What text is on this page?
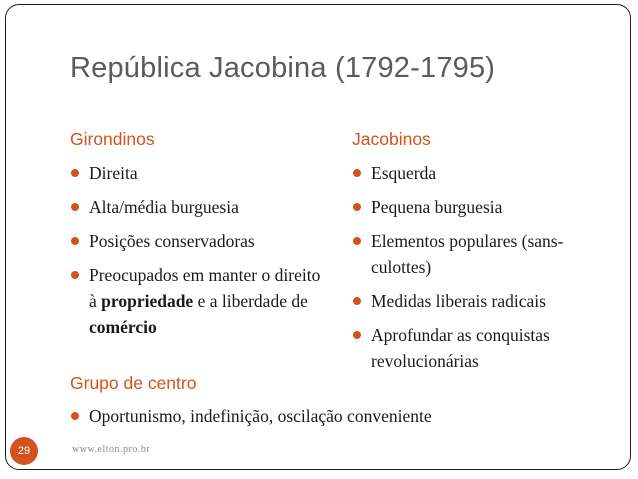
República Jacobina (1792-1795)
Girondinos	Jacobinos
Direita
Alta/média burguesia
Posições conservadoras
Preocupados em manter o direito à propriedade e a liberdade de comércio
Esquerda
Pequena burguesia
Elementos populares (sans-culottes)
Medidas liberais radicais
Aprofundar as conquistas revolucionárias
Grupo de centro
Oportunismo, indefinição, oscilação conveniente
29	www.elton.pro.br
